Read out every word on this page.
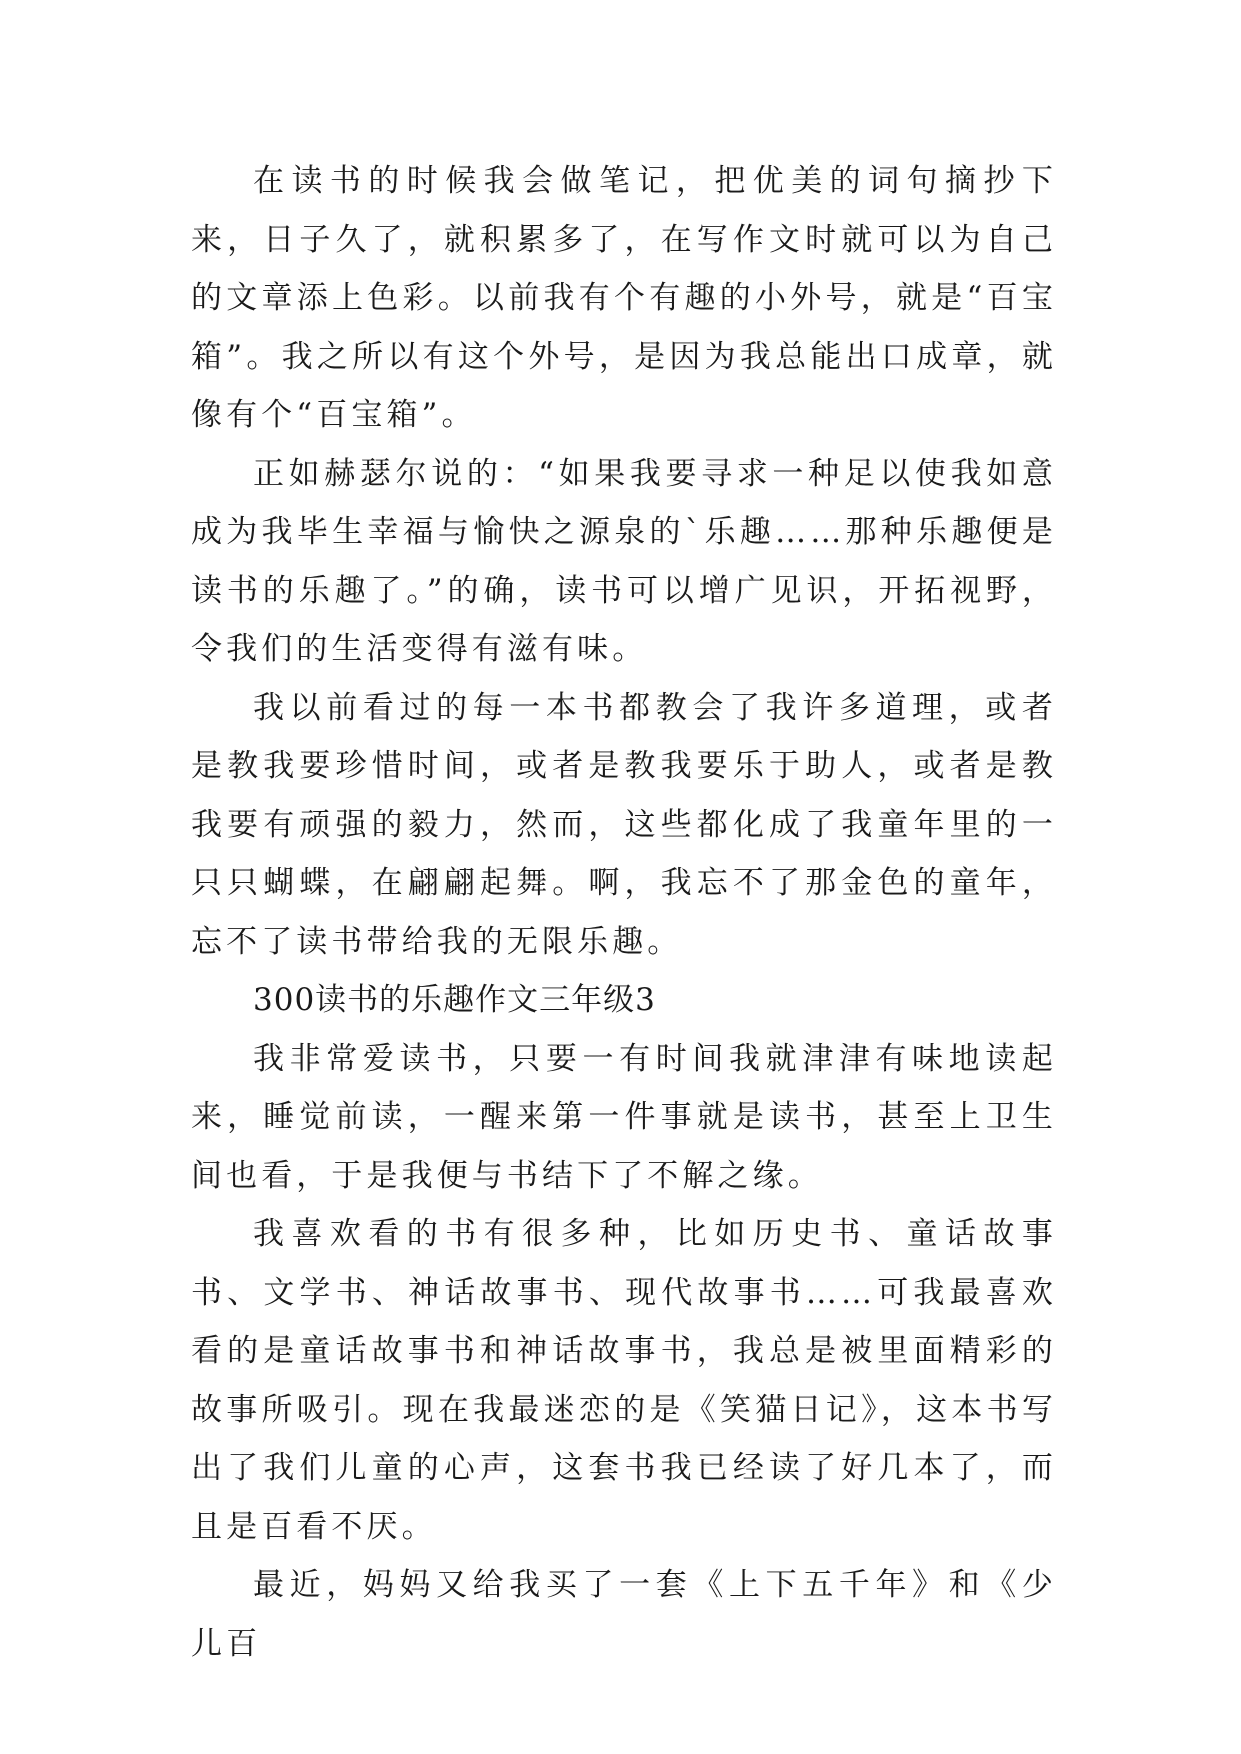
在读书的时候我会做笔记，把优美的词句摘抄下来，日子久了，就积累多了，在写作文时就可以为自己的文章添上色彩。以前我有个有趣的小外号，就是“百宝箱”。我之所以有这个外号，是因为我总能出口成章，就像有个“百宝箱”。

正如赫瑟尔说的：“如果我要寻求一种足以使我如意成为我毕生幸福与愉快之源泉的`乐趣……那种乐趣便是读书的乐趣了。”的确，读书可以增广见识，开拓视野，令我们的生活变得有滋有味。

我以前看过的每一本书都教会了我许多道理，或者是教我要珍惜时间，或者是教我要乐于助人，或者是教我要有顽强的毅力，然而，这些都化成了我童年里的一只只蝴蝶，在翩翩起舞。啊，我忘不了那金色的童年，忘不了读书带给我的无限乐趣。

300读书的乐趣作文三年级3

我非常爱读书，只要一有时间我就津津有味地读起来，睡觉前读，一醒来第一件事就是读书，甚至上卫生间也看，于是我便与书结下了不解之缘。

我喜欢看的书有很多种，比如历史书、童话故事书、文学书、神话故事书、现代故事书……可我最喜欢看的是童话故事书和神话故事书，我总是被里面精彩的故事所吸引。现在我最迷恋的是《笑猫日记》，这本书写出了我们儿童的心声，这套书我已经读了好几本了，而且是百看不厌。

最近，妈妈又给我买了一套《上下五千年》和《少儿百
